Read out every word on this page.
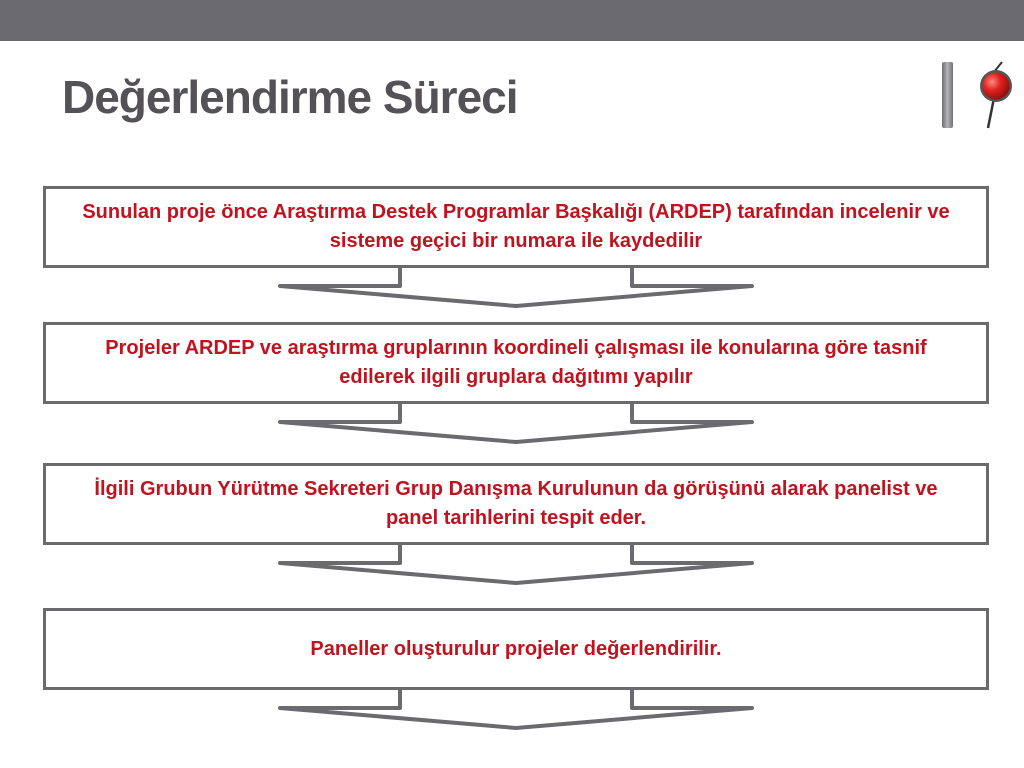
Değerlendirme Süreci
Sunulan proje önce Araştırma Destek Programlar Başkalığı (ARDEP) tarafından incelenir ve sisteme geçici bir numara ile kaydedilir
Projeler ARDEP ve araştırma gruplarının koordineli çalışması ile konularına göre tasnif edilerek ilgili gruplara dağıtımı yapılır
İlgili Grubun Yürütme Sekreteri Grup Danışma Kurulunun da görüşünü alarak panelist ve panel tarihlerini tespit eder.
Paneller oluşturulur projeler değerlendirilir.
